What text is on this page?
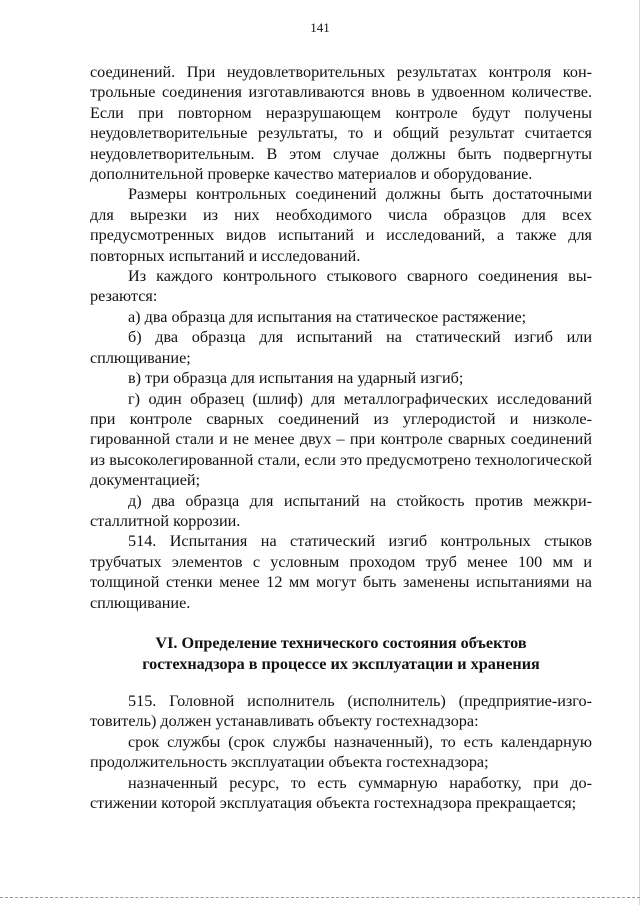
141

соединений. При неудовлетворительных результатах контроля контрольные соединения изготавливаются вновь в удвоенном количестве. Если при повторном неразрушающем контроле будут получены неудовлетворительные результаты, то и общий результат считается неудовлетворительным. В этом случае должны быть подвергнуты дополнительной проверке качество материалов и оборудование.

Размеры контрольных соединений должны быть достаточными для вырезки из них необходимого числа образцов для всех предусмотренных видов испытаний и исследований, а также для повторных испытаний и исследований.

Из каждого контрольного стыкового сварного соединения вырезаются:

а) два образца для испытания на статическое растяжение;

б) два образца для испытаний на статический изгиб или сплющивание;

в) три образца для испытания на ударный изгиб;

г) один образец (шлиф) для металлографических исследований при контроле сварных соединений из углеродистой и низколегированной стали и не менее двух – при контроле сварных соединений из высоколегированной стали, если это предусмотрено технологической документацией;

д) два образца для испытаний на стойкость против межкристаллитной коррозии.

514. Испытания на статический изгиб контрольных стыков трубчатых элементов с условным проходом труб менее 100 мм и толщиной стенки менее 12 мм могут быть заменены испытаниями на сплющивание.

VI. Определение технического состояния объектов
гостехнадзора в процессе их эксплуатации и хранения

515. Головной исполнитель (исполнитель) (предприятие-изготовитель) должен устанавливать объекту гостехнадзора:

срок службы (срок службы назначенный), то есть календарную продолжительность эксплуатации объекта гостехнадзора;

назначенный ресурс, то есть суммарную наработку, при достижении которой эксплуатация объекта гостехнадзора прекращается;
